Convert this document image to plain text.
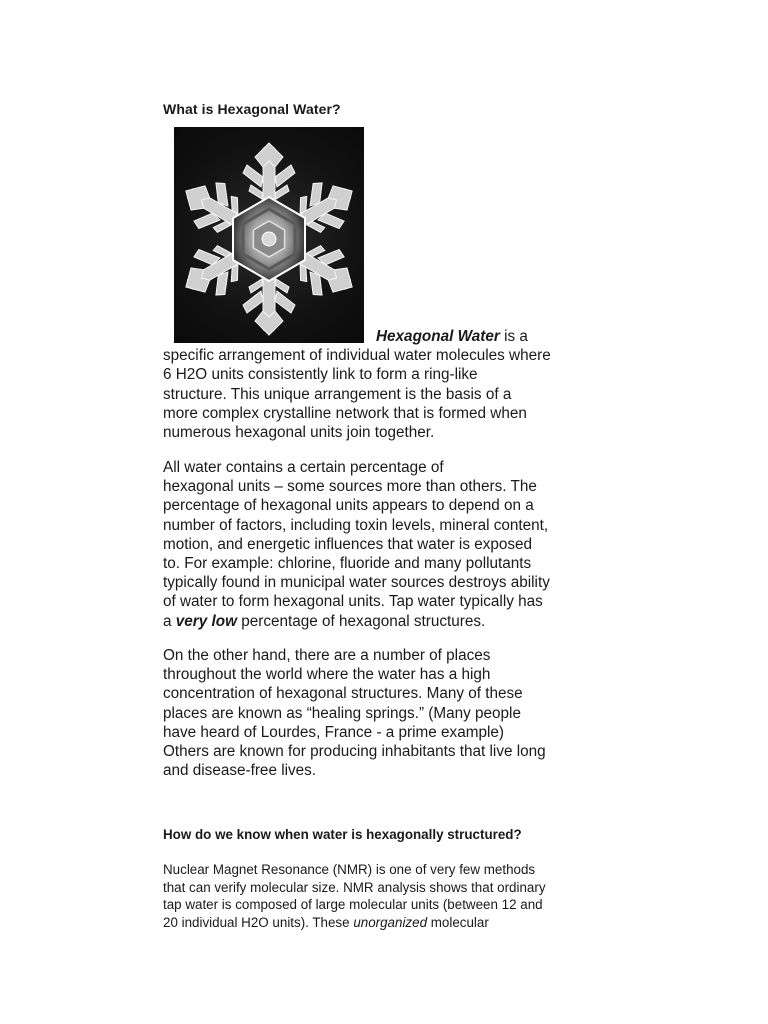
What is Hexagonal Water?

Hexagonal Water is a
specific arrangement of individual water molecules where
6 H2O units consistently link to form a ring-like
structure. This unique arrangement is the basis of a
more complex crystalline network that is formed when
numerous hexagonal units join together.

All water contains a certain percentage of
hexagonal units – some sources more than others. The
percentage of hexagonal units appears to depend on a
number of factors, including toxin levels, mineral content,
motion, and energetic influences that water is exposed
to. For example: chlorine, fluoride and many pollutants
typically found in municipal water sources destroys ability
of water to form hexagonal units. Tap water typically has
a very low percentage of hexagonal structures.

On the other hand, there are a number of places
throughout the world where the water has a high
concentration of hexagonal structures. Many of these
places are known as “healing springs.” (Many people
have heard of Lourdes, France - a prime example)
Others are known for producing inhabitants that live long
and disease-free lives.

How do we know when water is hexagonally structured?

Nuclear Magnet Resonance (NMR) is one of very few methods
that can verify molecular size. NMR analysis shows that ordinary
tap water is composed of large molecular units (between 12 and
20 individual H2O units). These unorganized molecular
